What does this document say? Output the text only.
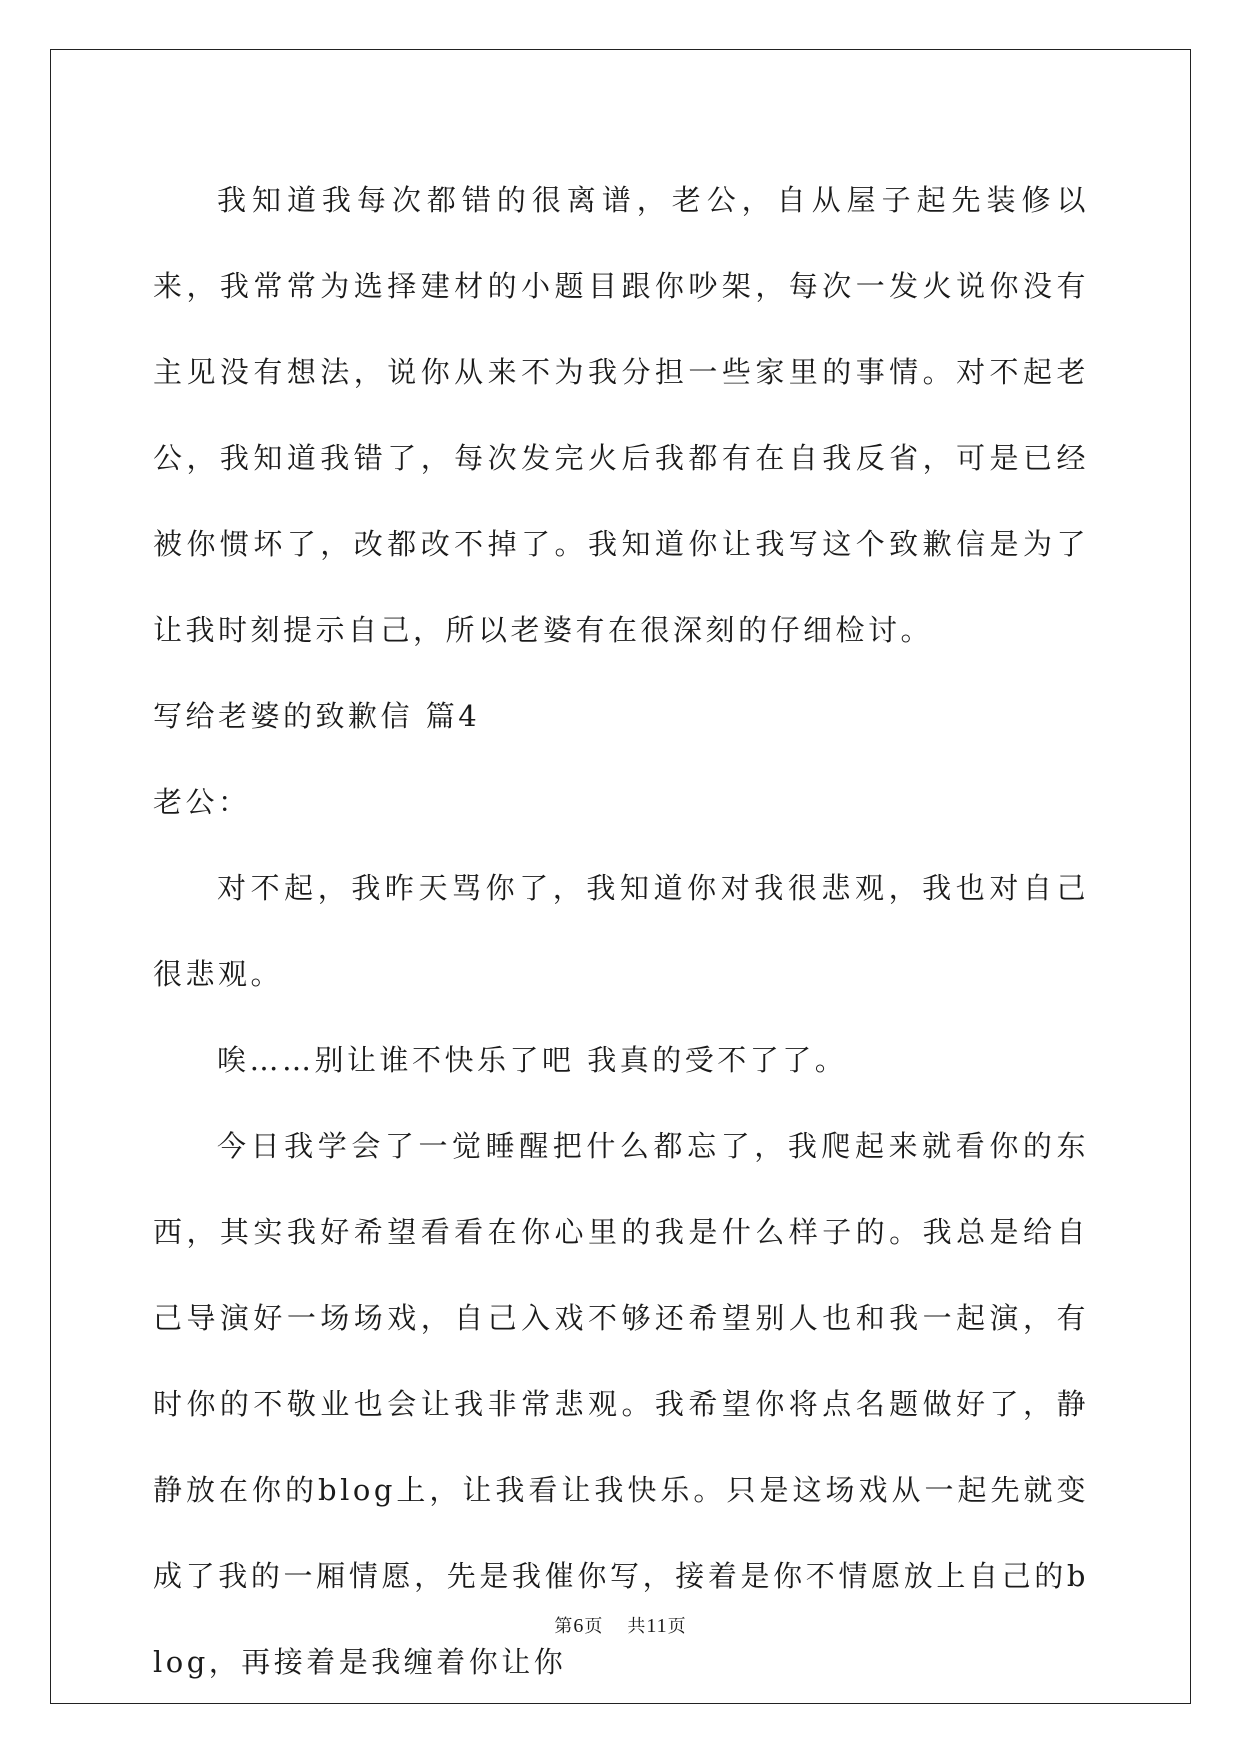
我知道我每次都错的很离谱，老公，自从屋子起先装修以来，我常常为选择建材的小题目跟你吵架，每次一发火说你没有主见没有想法，说你从来不为我分担一些家里的事情。对不起老公，我知道我错了，每次发完火后我都有在自我反省，可是已经被你惯坏了，改都改不掉了。我知道你让我写这个致歉信是为了让我时刻提示自己，所以老婆有在很深刻的仔细检讨。

写给老婆的致歉信 篇4

老公：

对不起，我昨天骂你了，我知道你对我很悲观，我也对自己很悲观。

唉……别让谁不快乐了吧 我真的受不了了。

今日我学会了一觉睡醒把什么都忘了，我爬起来就看你的东西，其实我好希望看看在你心里的我是什么样子的。我总是给自己导演好一场场戏，自己入戏不够还希望别人也和我一起演，有时你的不敬业也会让我非常悲观。我希望你将点名题做好了，静静放在你的blog上，让我看让我快乐。只是这场戏从一起先就变成了我的一厢情愿，先是我催你写，接着是你不情愿放上自己的blog，再接着是我缠着你让你

第6页 共11页
